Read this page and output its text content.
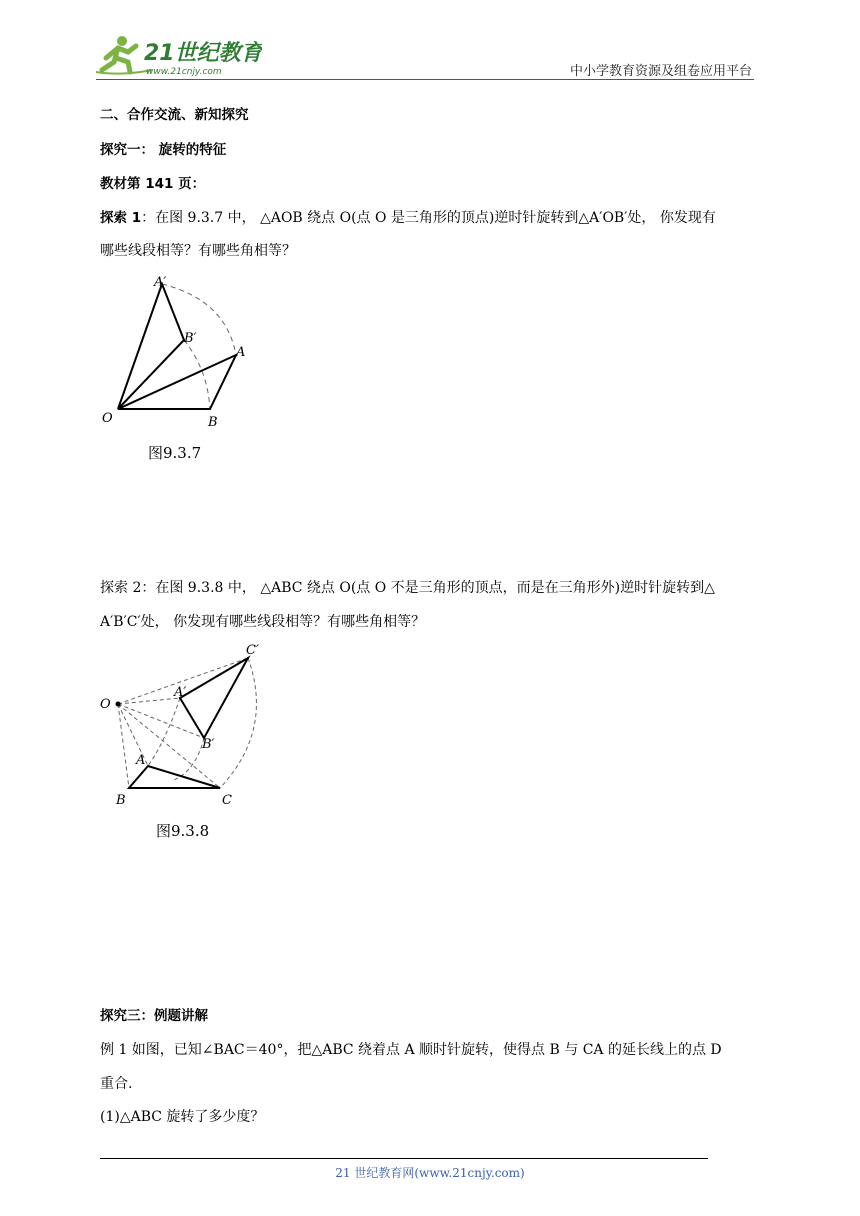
21世纪教育
www.21cnjy.com	中小学教育资源及组卷应用平台
二、合作交流、新知探究
探究一： 旋转的特征
教材第 141 页：
探索 1：在图 9.3.7 中， △AOB 绕点 O(点 O 是三角形的顶点)逆时针旋转到△A′OB′处， 你发现有
哪些线段相等？有哪些角相等？
A′
B′
A
O	B
图9.3.7
探索 2：在图 9.3.8 中， △ABC 绕点 O(点 O 不是三角形的顶点，而是在三角形外)逆时针旋转到△
A′B′C′处， 你发现有哪些线段相等？有哪些角相等？
C′
O
A′
B′
A
B	C
图9.3.8
探究三：例题讲解
例 1 如图，已知∠BAC＝40°，把△ABC 绕着点 A 顺时针旋转，使得点 B 与 CA 的延长线上的点 D
重合.
(1)△ABC 旋转了多少度？
21 世纪教育网(www.21cnjy.com)
